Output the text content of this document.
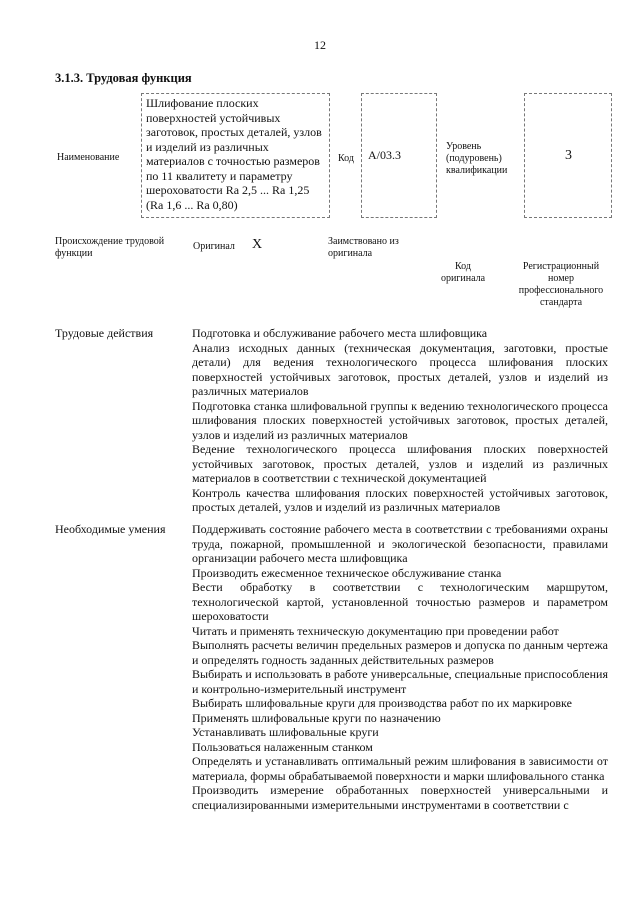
12
3.1.3. Трудовая функция
Наименование
Шлифование плоских поверхностей устойчивых заготовок, простых деталей, узлов и изделий из различных материалов с точностью размеров по 11 квалитету и параметру шероховатости Ra 2,5 ... Ra 1,25 (Ra 1,6 ... Ra 0,80)
Код А/03.3
Уровень (подуровень) квалификации
3
Происхождение трудовой функции
Оригинал X	Заимствовано из оригинала
Код оригинала
Регистрационный номер профессионального стандарта
Трудовые действия	Подготовка и обслуживание рабочего места шлифовщика
Анализ исходных данных (техническая документация, заготовки, простые детали) для ведения технологического процесса шлифования плоских поверхностей устойчивых заготовок, простых деталей, узлов и изделий из различных материалов
Подготовка станка шлифовальной группы к ведению технологического процесса шлифования плоских поверхностей устойчивых заготовок, простых деталей, узлов и изделий из различных материалов
Ведение технологического процесса шлифования плоских поверхностей устойчивых заготовок, простых деталей, узлов и изделий из различных материалов в соответствии с технической документацией
Контроль качества шлифования плоских поверхностей устойчивых заготовок, простых деталей, узлов и изделий из различных материалов
Необходимые умения Поддерживать состояние рабочего места в соответствии с требованиями охраны труда, пожарной, промышленной и экологической безопасности, правилами организации рабочего места шлифовщика
Производить ежесменное техническое обслуживание станка
Вести обработку в соответствии с технологическим маршрутом, технологической картой, установленной точностью размеров и параметром шероховатости
Читать и применять техническую документацию при проведении работ
Выполнять расчеты величин предельных размеров и допуска по данным чертежа и определять годность заданных действительных размеров
Выбирать и использовать в работе универсальные, специальные приспособления и контрольно-измерительный инструмент
Выбирать шлифовальные круги для производства работ по их маркировке
Применять шлифовальные круги по назначению
Устанавливать шлифовальные круги
Пользоваться налаженным станком
Определять и устанавливать оптимальный режим шлифования в зависимости от материала, формы обрабатываемой поверхности и марки шлифовального станка
Производить измерение обработанных поверхностей универсальными и специализированными измерительными инструментами в соответствии с
